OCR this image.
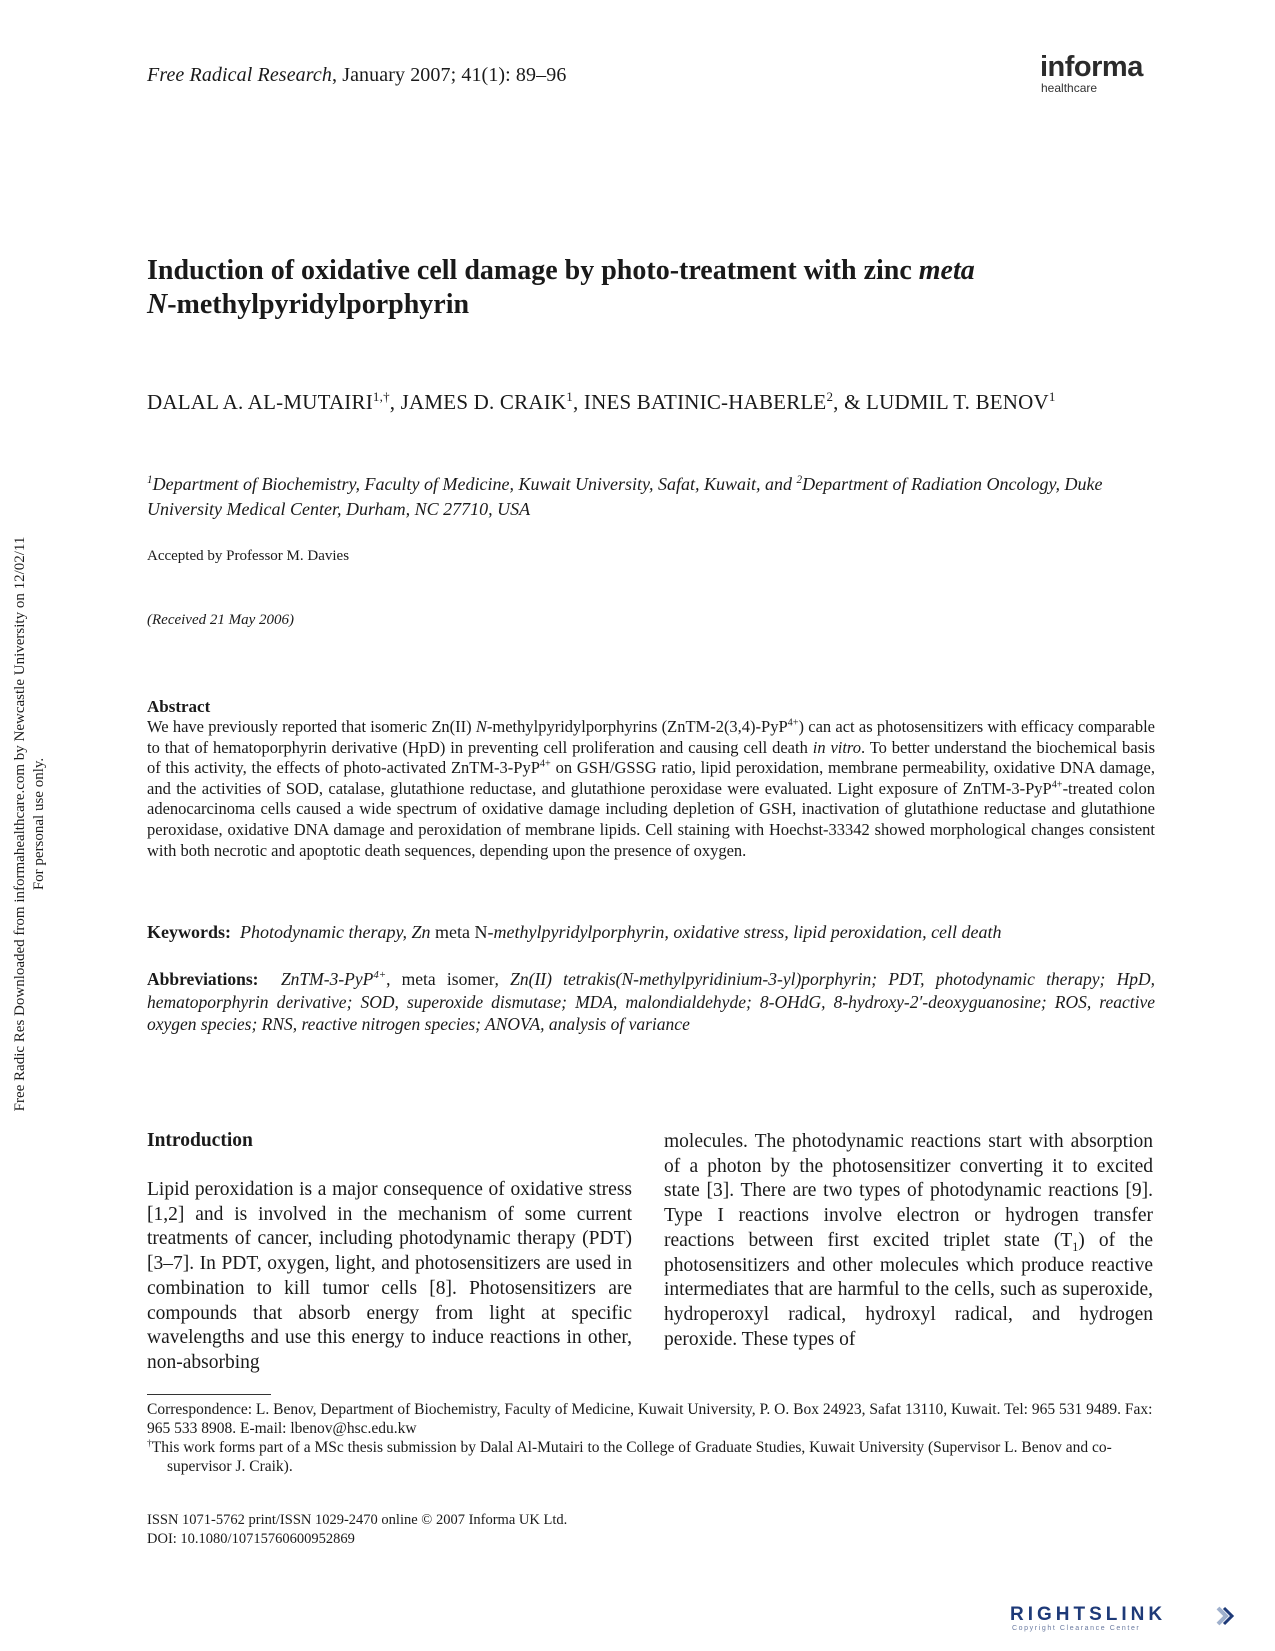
Free Radical Research, January 2007; 41(1): 89–96	informa
healthcare
Induction of oxidative cell damage by photo-treatment with zinc meta
N-methylpyridylporphyrin
DALAL A. $AL-MUTAIRI^{1,\dagger}$, JAMES D. CRAIK$^1$, INES BATINIC-HABERLE$^2$, & LUDMIL T. BENOV$^1$
$^1$Department of Biochemistry, Faculty of Medicine, Kuwait University, Safat, Kuwait, and $^2$Department of Radiation Oncology, Duke University Medical Center, Durham, NC 27710, USA
Accepted by Professor M. Davies
(Received 21 May 2006)
Abstract
We have previously reported that isomeric Zn(II) N-methylpyridylporphyrins (ZnTM-2(3,4)-PyP$^{4+}$) can act as photosensitizers with efficacy comparable to that of hematoporphyrin derivative (HpD) in preventing cell proliferation and causing cell death in vitro. To better understand the biochemical basis of this activity, the effects of photo-activated ZnTM-3-PyP$^{4+}$ on GSH/GSSG ratio, lipid peroxidation, membrane permeability, oxidative DNA damage, and the activities of SOD, catalase, glutathione reductase, and glutathione peroxidase were evaluated. Light exposure of ZnTM-3-PyP$^{4+}$-treated colon adenocarcinoma cells caused a wide spectrum of oxidative damage including depletion of GSH, inactivation of glutathione reductase and glutathione peroxidase, oxidative DNA damage and peroxidation of membrane lipids. Cell staining with Hoechst-33342 showed morphological changes consistent with both necrotic and apoptotic death sequences, depending upon the presence of oxygen.
Keywords: Photodynamic therapy, Zn meta N-methylpyridylporphyrin, oxidative stress, lipid peroxidation, cell death
Abbreviations: ZnTM-3-PyP$^{4+}$, meta isomer, Zn(II) tetrakis(N-methylpyridinium-3-yl)porphyrin; PDT, photodynamic therapy; HpD, hematoporphyrin derivative; SOD, superoxide dismutase; MDA, malondialdehyde; 8-OHdG, 8-hydroxy-2′-deoxyguanosine; ROS, reactive oxygen species; RNS, reactive nitrogen species; ANOVA, analysis of variance
Introduction
Lipid peroxidation is a major consequence of oxidative stress [1,2] and is involved in the mechanism of some current treatments of cancer, including photodynamic therapy (PDT) [3–7]. In PDT, oxygen, light, and photosensitizers are used in combination to kill tumor cells [8]. Photosensitizers are compounds that absorb energy from light at specific wavelengths and use this energy to induce reactions in other, non-absorbing
molecules. The photodynamic reactions start with absorption of a photon by the photosensitizer converting it to excited state [3]. There are two types of photodynamic reactions [9]. Type I reactions involve electron or hydrogen transfer reactions between first excited triplet state $(T_1)$ of the photosensitizers and other molecules which produce reactive intermediates that are harmful to the cells, such as superoxide, hydroperoxyl radical, hydroxyl radical, and hydrogen peroxide. These types of
Correspondence: L. Benov, Department of Biochemistry, Faculty of Medicine, Kuwait University, P. O. Box 24923, Safat 13110, Kuwait. Tel: 965 531 9489. Fax: 965 533 8908. E-mail: lbenov@hsc.edu.kw
†This work forms part of a MSc thesis submission by Dalal Al-Mutairi to the College of Graduate Studies, Kuwait University (Supervisor L. Benov and co-supervisor J. Craik).
ISSN 1071-5762 print/ISSN 1029-2470 online © 2007 Informa UK Ltd.
DOI: 10.1080/10715760600952869
Free Radic Res Downloaded from informahealthcare.com by Newcastle University on 12/02/11 For personal use only.
RIGHTSLINK
Copyright Clearance Center
